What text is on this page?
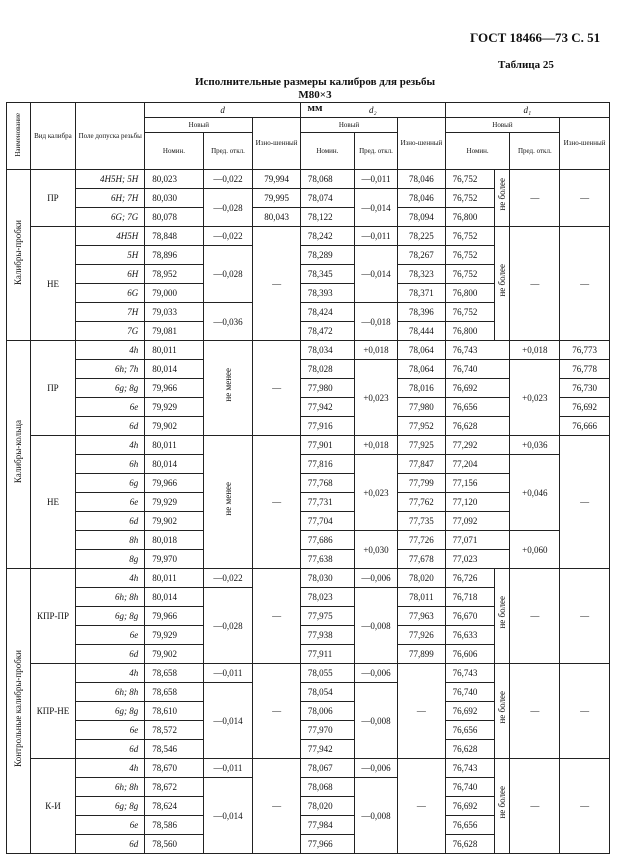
ГОСТ 18466—73 С. 51
Таблица 25
Исполнительные размеры калибров для резьбы М80×3
мм
Наименование	Вид калибра	Поле допуска резьбы	d			d₂			d₁			
			Новый		Изно-шенный	Новый		Изно-шенный	Новый			Изно-шенный
			Номин.	Пред. откл.		Номин.	Пред. откл.		Номин.		Пред. откл.	
Калибры-пробки	ПР	4H5H; 5H	80,023	—0,022	79,994	78,068	—0,011	78,046	76,752	не более	—	—
		6H; 7H	80,030	—0,028	79,995	78,074	—0,014	78,046	76,752			
		6G; 7G	80,078		80,043	78,122		78,094	76,800			
	НЕ	4H5H	78,848	—0,022	—	78,242	—0,011	78,225	76,752	не более	—	—
		5H	78,896	—0,028		78,289	—0,014	78,267	76,752			
		6H	78,952			78,345		78,323	76,752			
		6G	79,000			78,393		78,371	76,800			
		7H	79,033	—0,036		78,424	—0,018	78,396	76,752			
		7G	79,081			78,472		78,444	76,800			
Калибры-кольца	ПР	4h	80,011	не менее	—	78,034	+0,018	78,064	76,743		+0,018	76,773
		6h; 7h	80,014			78,028	+0,023	78,064	76,740		+0,023	76,778
		6g; 8g	79,966			77,980		78,016	76,692			76,730
		6e	79,929			77,942		77,980	76,656			76,692
		6d	79,902			77,916		77,952	76,628			76,666
	НЕ	4h	80,011	не менее	—	77,901	+0,018	77,925	77,292		+0,036	—
		6h	80,014			77,816	+0,023	77,847	77,204		+0,046	
		6g	79,966			77,768		77,799	77,156			
		6e	79,929			77,731		77,762	77,120			
		6d	79,902			77,704		77,735	77,092			
		8h	80,018			77,686	+0,030	77,726	77,071		+0,060	
		8g	79,970			77,638		77,678	77,023			
Контрольные калибры-пробки	КПР-ПР	4h	80,011	—0,022	—	78,030	—0,006	78,020	76,726	не более	—	—
		6h; 8h	80,014	—0,028		78,023	—0,008	78,011	76,718			
		6g; 8g	79,966			77,975		77,963	76,670			
		6e	79,929			77,938		77,926	76,633			
		6d	79,902			77,911		77,899	76,606			
	КПР-НЕ	4h	78,658	—0,011	—	78,055	—0,006	—	76,743	не более	—	—
		6h; 8h	78,658	—0,014		78,054	—0,008		76,740			
		6g; 8g	78,610			78,006			76,692			
		6e	78,572			77,970			76,656			
		6d	78,546			77,942			76,628			
	К-И	4h	78,670	—0,011	—	78,067	—0,006	—	76,743	не более	—	—
		6h; 8h	78,672	—0,014		78,068	—0,008		76,740			
		6g; 8g	78,624			78,020			76,692			
		6e	78,586			77,984			76,656			
		6d	78,560			77,966			76,628			
